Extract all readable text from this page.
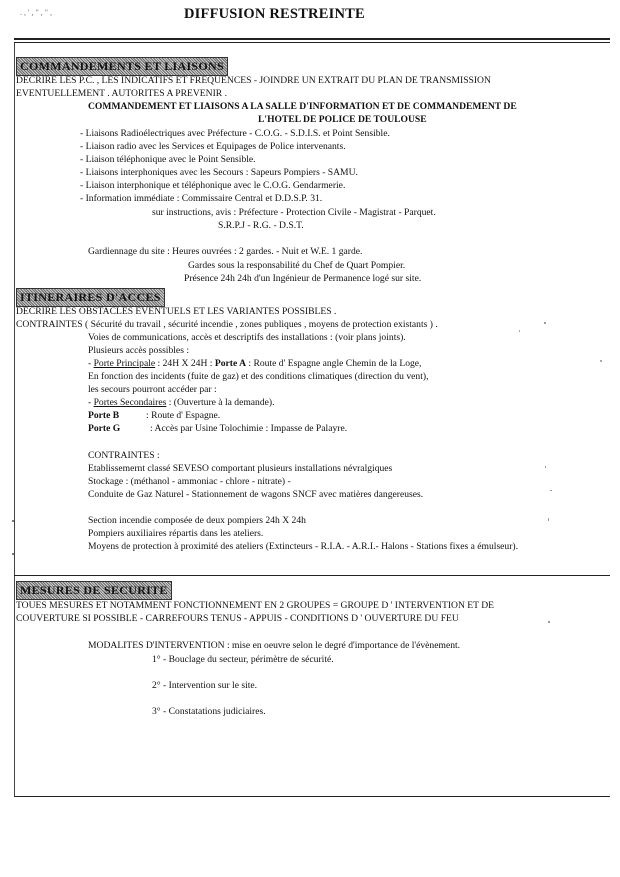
. , ' , " , " ,	DIFFUSION RESTREINTE
COMMANDEMENTS ET LIAISONS
DECRIRE LES P.C. , LES INDICATIFS ET FREQUENCES - JOINDRE UN EXTRAIT DU PLAN DE TRANSMISSION
EVENTUELLEMENT . AUTORITES A PREVENIR .
COMMANDEMENT ET LIAISONS A LA SALLE D'INFORMATION ET DE COMMANDEMENT DE
L'HOTEL DE POLICE DE TOULOUSE
- Liaisons Radioélectriques avec Préfecture - C.O.G. - S.D.I.S. et Point Sensible.
- Liaison radio avec les Services et Equipages de Police intervenants.
- Liaison téléphonique avec le Point Sensible.
- Liaisons interphoniques avec les Secours : Sapeurs Pompiers - SAMU.
- Liaison interphonique et téléphonique avec le C.O.G. Gendarmerie.
- Information immédiate : Commissaire Central et D.D.S.P. 31.
sur instructions, avis : Préfecture - Protection Civile - Magistrat - Parquet.
S.R.P.J - R.G. - D.S.T.
Gardiennage du site : Heures ouvrées : 2 gardes. - Nuit et W.E. 1 garde.
Gardes sous la responsabilité du Chef de Quart Pompier.
Présence 24h 24h d'un Ingénieur de Permanence logé sur site.
ITINERAIRES D'ACCES
DECRIRE LES OBSTACLES EVENTUELS ET LES VARIANTES POSSIBLES .
CONTRAINTES ( Sécurité du travail , sécurité incendie , zones publiques , moyens de protection existants ) .
Voies de communications, accès et descriptifs des installations : (voir plans joints).
Plusieurs accès possibles :
- Porte Principale : 24H X 24H : Porte A : Route d' Espagne angle Chemin de la Loge,
En fonction des incidents (fuite de gaz) et des conditions climatiques (direction du vent),
les secours pourront accéder par :
- Portes Secondaires : (Ouverture à la demande).
Porte B	: Route d' Espagne.
Porte G	: Accès par Usine Tolochimie : Impasse de Palayre.
CONTRAINTES :
Etablissemernt classé SEVESO comportant plusieurs installations névralgiques
Stockage : (méthanol - ammoniac - chlore - nitrate) -
Conduite de Gaz Naturel - Stationnement de wagons SNCF avec matières dangereuses.
Section incendie composée de deux pompiers 24h X 24h
Pompiers auxiliaires répartis dans les ateliers.
Moyens de protection à proximité des ateliers (Extincteurs - R.I.A. - A.R.I.- Halons - Stations fixes a émulseur).
MESURES DE SECURITE
TOUES MESURES ET NOTAMMENT FONCTIONNEMENT EN 2 GROUPES = GROUPE D ' INTERVENTION ET DE
COUVERTURE SI POSSIBLE - CARREFOURS TENUS - APPUIS - CONDITIONS D ' OUVERTURE DU FEU
MODALITES D'INTERVENTION : mise en oeuvre selon le degré d'importance de l'évènement.
1° - Bouclage du secteur, périmètre de sécurité.
2° - Intervention sur le site.
3° - Constatations judiciaires.
